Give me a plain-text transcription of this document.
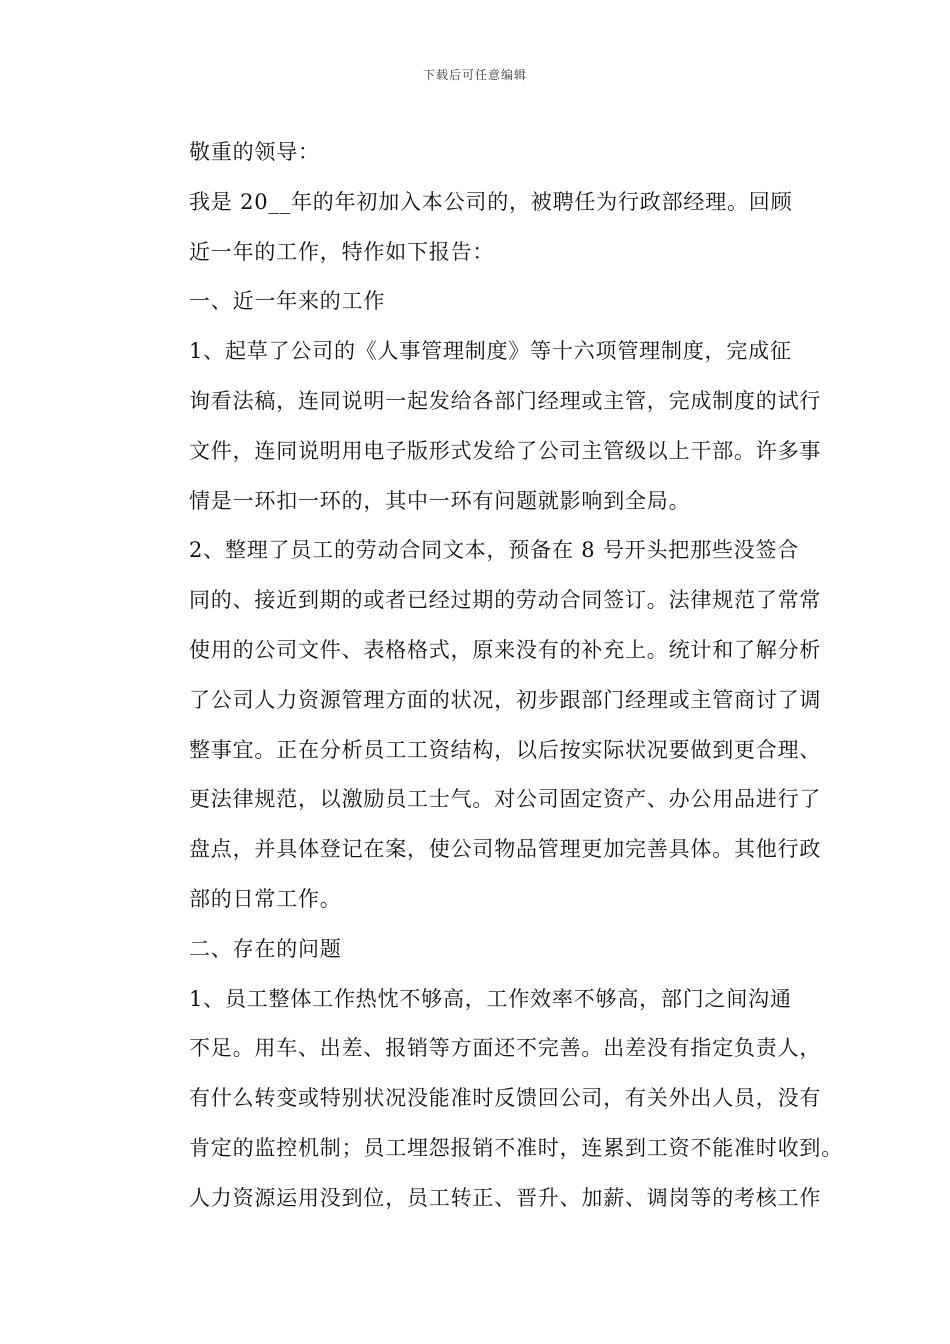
下载后可任意编辑

敬重的领导：

我是 20__年的年初加入本公司的，被聘任为行政部经理。回顾
近一年的工作，特作如下报告：

一、近一年来的工作

1、起草了公司的《人事管理制度》等十六项管理制度，完成征
询看法稿，连同说明一起发给各部门经理或主管，完成制度的试行
文件，连同说明用电子版形式发给了公司主管级以上干部。许多事
情是一环扣一环的，其中一环有问题就影响到全局。

2、整理了员工的劳动合同文本，预备在 8 号开头把那些没签合
同的、接近到期的或者已经过期的劳动合同签订。法律规范了常常
使用的公司文件、表格格式，原来没有的补充上。统计和了解分析
了公司人力资源管理方面的状况，初步跟部门经理或主管商讨了调
整事宜。正在分析员工工资结构，以后按实际状况要做到更合理、
更法律规范，以激励员工士气。对公司固定资产、办公用品进行了
盘点，并具体登记在案，使公司物品管理更加完善具体。其他行政
部的日常工作。

二、存在的问题

1、员工整体工作热忱不够高，工作效率不够高，部门之间沟通
不足。用车、出差、报销等方面还不完善。出差没有指定负责人，
有什么转变或特别状况没能准时反馈回公司，有关外出人员，没有
肯定的监控机制；员工埋怨报销不准时，连累到工资不能准时收到。
人力资源运用没到位，员工转正、晋升、加薪、调岗等的考核工作
